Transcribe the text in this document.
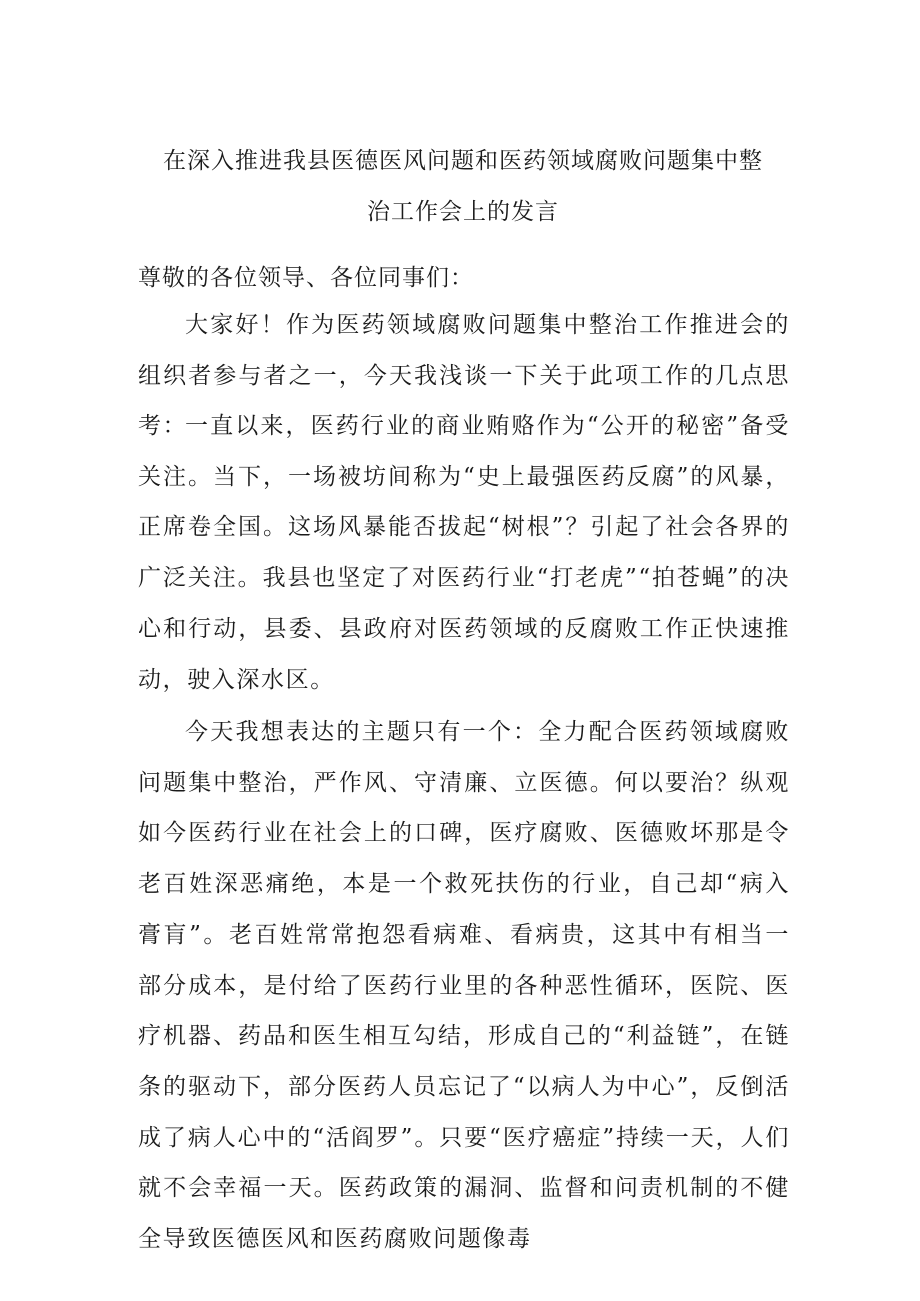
在深入推进我县医德医风问题和医药领域腐败问题集中整
治工作会上的发言

尊敬的各位领导、各位同事们：

大家好！作为医药领域腐败问题集中整治工作推进会的组织者参与者之一，今天我浅谈一下关于此项工作的几点思考：

一直以来，医药行业的商业贿赂作为“公开的秘密”备受关注。当下，一场被坊间称为“史上最强医药反腐”的风暴，正席卷全国。这场风暴能否拔起“树根”？引起了社会各界的广泛关注。我县也坚定了对医药行业“打老虎”“拍苍蝇”的决心和行动，县委、县政府对医药领域的反腐败工作正快速推动，驶入深水区。

今天我想表达的主题只有一个：全力配合医药领域腐败问题集中整治，严作风、守清廉、立医德。何以要治？纵观如今医药行业在社会上的口碑，医疗腐败、医德败坏那是令老百姓深恶痛绝，本是一个救死扶伤的行业，自己却“病入膏肓”。老百姓常常抱怨看病难、看病贵，这其中有相当一部分成本，是付给了医药行业里的各种恶性循环，医院、医疗机器、药品和医生相互勾结，形成自己的“利益链”，在链条的驱动下，部分医药人员忘记了“以病人为中心”，反倒活成了病人心中的“活阎罗”。只要“医疗癌症”持续一天，人们就不会幸福一天。医药政策的漏洞、监督和问责机制的不健全导致医德医风和医药腐败问题像毒
